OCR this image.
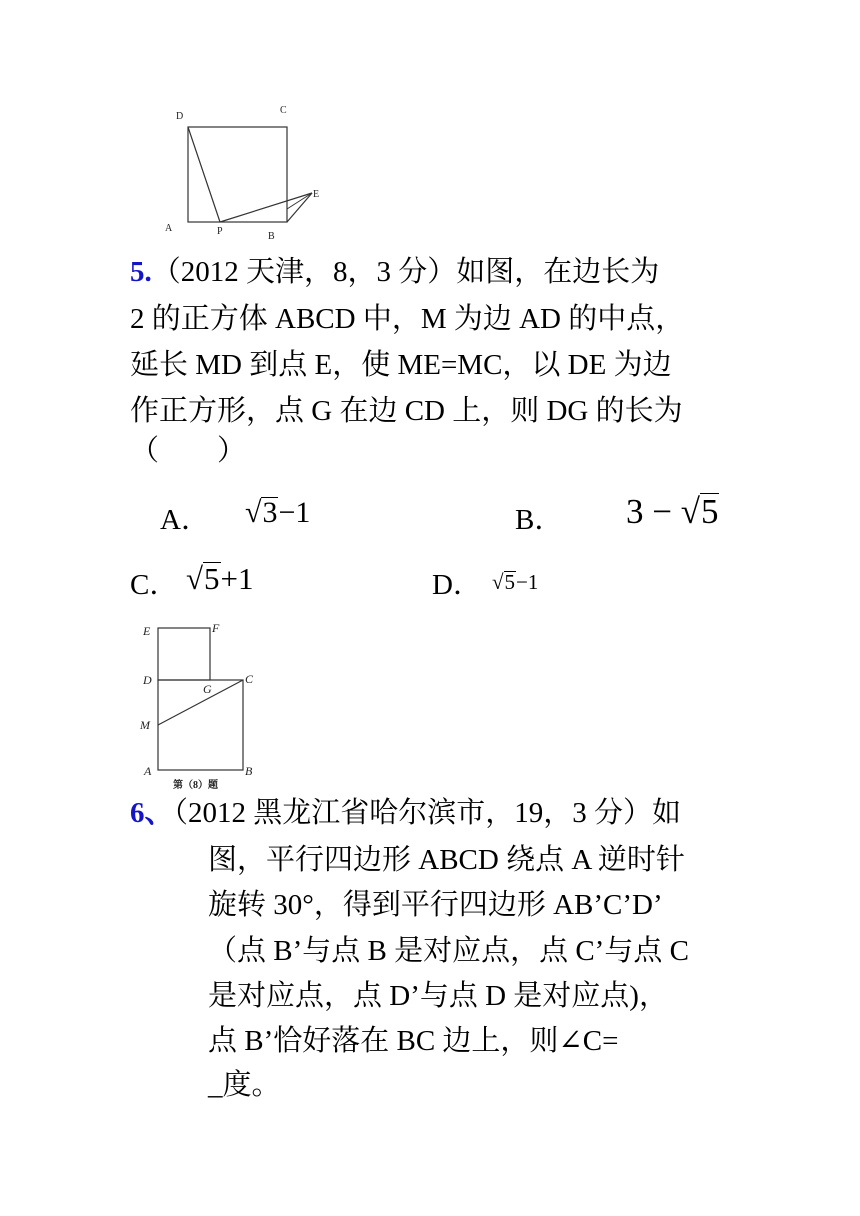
D
C
A	P	B
E
5.（2012 天津，8，3 分）如图，在边长为
2 的正方体 ABCD 中，M 为边 AD 的中点，
延长 MD 到点 E，使 ME=MC，以 DE 为边
作正方形，点 G 在边 CD 上，则 DG 的长为
（　　）
A． √3−1	B． 3 − √5
C． √5+1	D． √5−1
E	F
D
G
C
M
A	B
第（8）题
6、（2012 黑龙江省哈尔滨市，19，3 分）如
图，平行四边形 ABCD 绕点 A 逆时针
旋转 30°，得到平行四边形 AB’C’D’
（点 B’与点 B 是对应点，点 C’与点 C
是对应点，点 D’与点 D 是对应点)，
点 B’恰好落在 BC 边上，则∠C=
_度。
